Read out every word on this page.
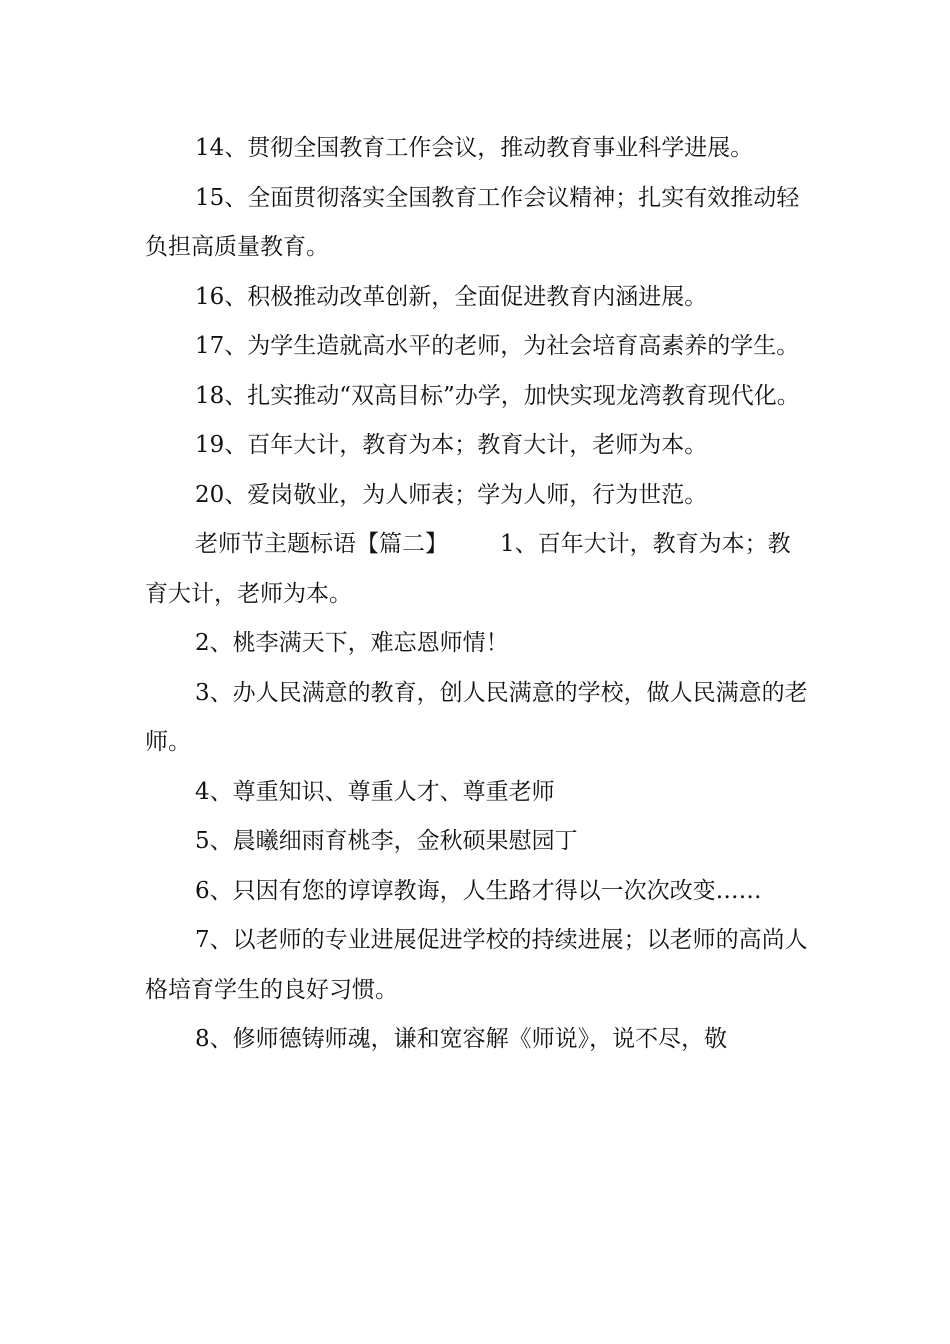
14、贯彻全国教育工作会议，推动教育事业科学进展。

15、全面贯彻落实全国教育工作会议精神；扎实有效推动轻负担高质量教育。

16、积极推动改革创新，全面促进教育内涵进展。

17、为学生造就高水平的老师，为社会培育高素养的学生。

18、扎实推动“双高目标”办学，加快实现龙湾教育现代化。

19、百年大计，教育为本；教育大计，老师为本。

20、爱岗敬业，为人师表；学为人师，行为世范。

老师节主题标语【篇二】 1、百年大计，教育为本；教育大计，老师为本。

2、桃李满天下，难忘恩师情！

3、办人民满意的教育，创人民满意的学校，做人民满意的老师。

4、尊重知识、尊重人才、尊重老师

5、晨曦细雨育桃李，金秋硕果慰园丁

6、只因有您的谆谆教诲，人生路才得以一次次改变……

7、以老师的专业进展促进学校的持续进展；以老师的高尚人格培育学生的良好习惯。

8、修师德铸师魂，谦和宽容解《师说》，说不尽，敬
